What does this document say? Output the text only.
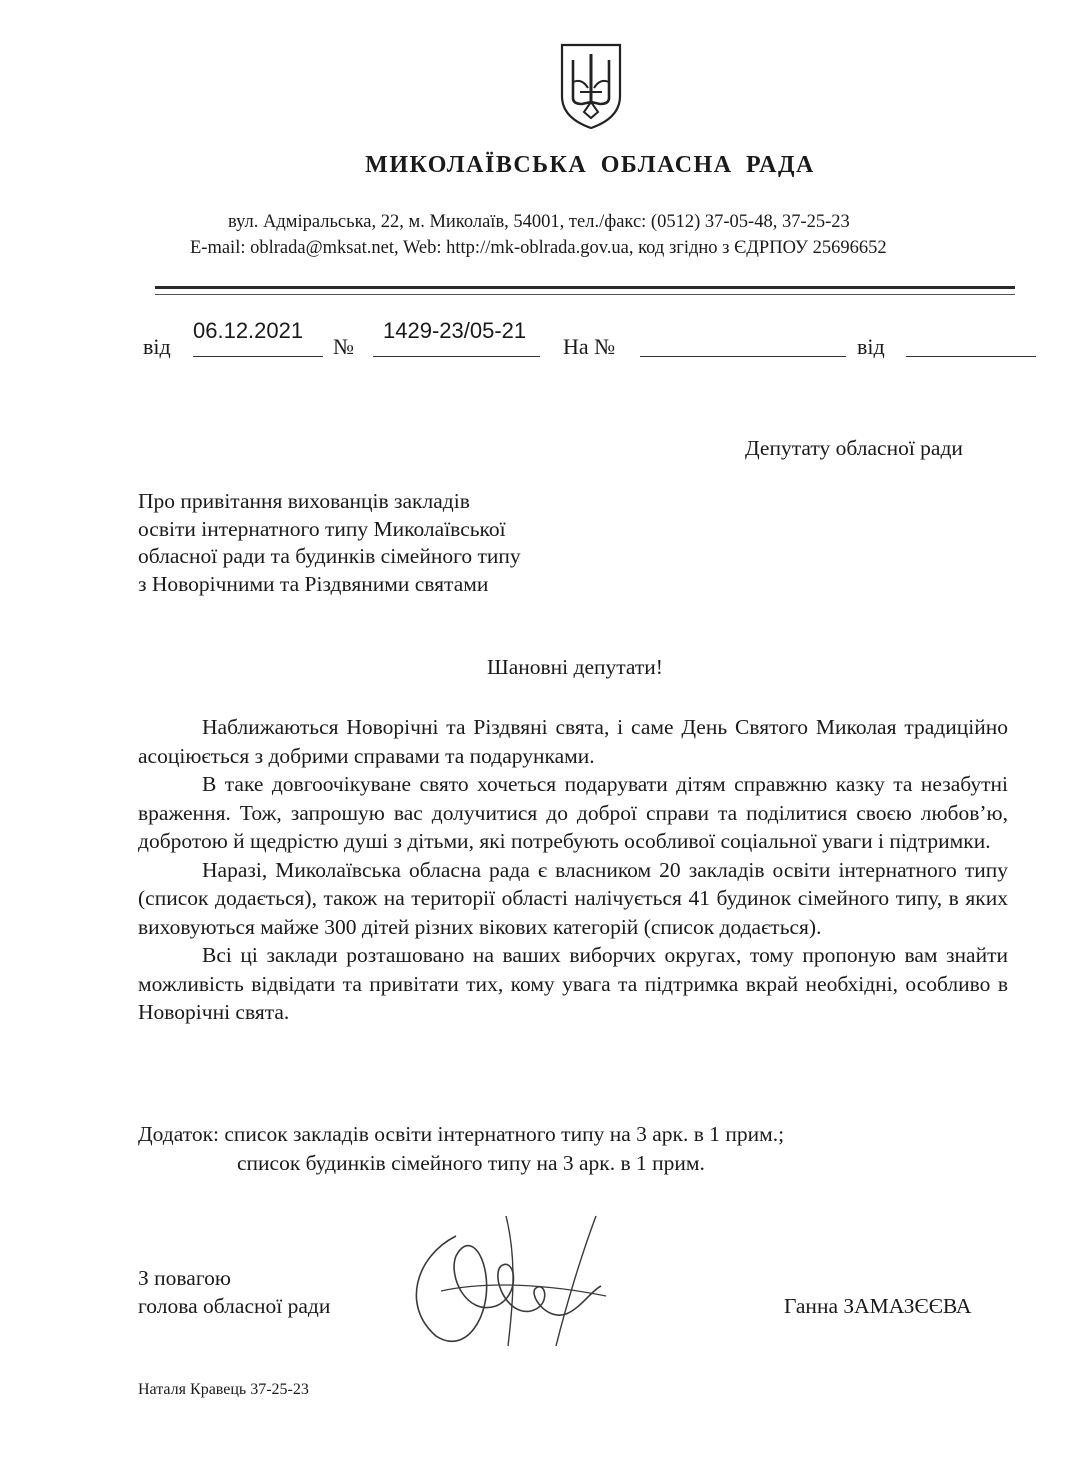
МИКОЛАЇВСЬКА ОБЛАСНА РАДА
вул. Адміральська, 22, м. Миколаїв, 54001, тел./факс: (0512) 37-05-48, 37-25-23
E-mail: oblrada@mksat.net, Web: http://mk-oblrada.gov.ua, код згідно з ЄДРПОУ 25696652
від
06.12.2021
№
1429-23/05-21
На №	від
Депутату обласної ради
Про привітання вихованців закладів
освіти інтернатного типу Миколаївської
обласної ради та будинків сімейного типу
з Новорічними та Різдвяними святами
Шановні депутати!

Наближаються Новорічні та Різдвяні свята, і саме День Святого Миколая традиційно асоціюється з добрими справами та подарунками.

В таке довгоочікуване свято хочеться подарувати дітям справжню казку та незабутні враження. Тож, запрошую вас долучитися до доброї справи та поділитися своєю любов’ю, добротою й щедрістю душі з дітьми, які потребують особливої соціальної уваги і підтримки.

Наразі, Миколаївська обласна рада є власником 20 закладів освіти інтернатного типу (список додається), також на території області налічується 41 будинок сімейного типу, в яких виховуються майже 300 дітей різних вікових категорій (список додається).

Всі ці заклади розташовано на ваших виборчих округах, тому пропоную вам знайти можливість відвідати та привітати тих, кому увага та підтримка вкрай необхідні, особливо в Новорічні свята.

Додаток: список закладів освіти інтернатного типу на 3 арк. в 1 прим.;
список будинків сімейного типу на 3 арк. в 1 прим.
З повагою
голова обласної ради	Ганна ЗАМАЗЄЄВА
Наталя Кравець 37-25-23
